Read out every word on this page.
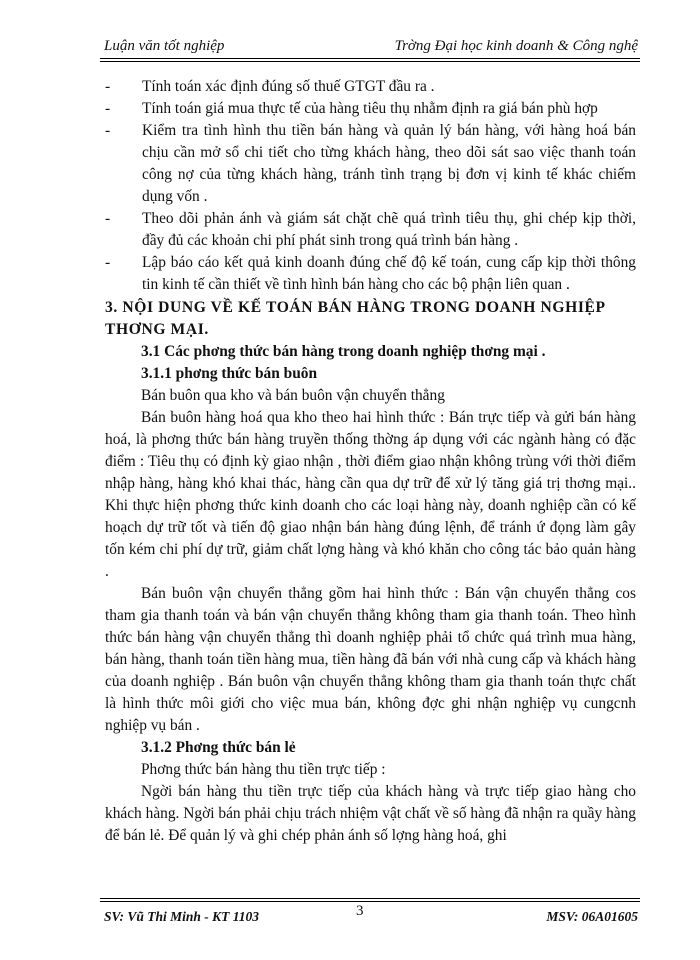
Luận văn tốt nghiệp	Trờng Đại học kinh doanh & Công nghệ
- Tính toán xác định đúng số thuế GTGT đầu ra .
- Tính toán giá mua thực tế của hàng tiêu thụ nhằm định ra giá bán phù hợp
- Kiểm tra tình hình thu tiền bán hàng và quản lý bán hàng, với hàng hoá bán chịu cần mở sổ chi tiết cho từng khách hàng, theo dõi sát sao việc thanh toán công nợ của từng khách hàng, tránh tình trạng bị đơn vị kinh tế khác chiếm dụng vốn .
- Theo dõi phản ánh và giám sát chặt chẽ quá trình tiêu thụ, ghi chép kịp thời, đầy đủ các khoản chi phí phát sinh trong quá trình bán hàng .
- Lập báo cáo kết quả kinh doanh đúng chế độ kế toán, cung cấp kịp thời thông tin kinh tế cần thiết về tình hình bán hàng cho các bộ phận liên quan .

3. NỘI DUNG VỀ KẾ TOÁN BÁN HÀNG TRONG DOANH NGHIỆP THƠNG MẠI.

3.1 Các phơng thức bán hàng trong doanh nghiệp thơng mại .

3.1.1 phơng thức bán buôn

Bán buôn qua kho và bán buôn vận chuyển thẳng

Bán buôn hàng hoá qua kho theo hai hình thức : Bán trực tiếp và gửi bán hàng hoá, là phơng thức bán hàng truyền thống thờng áp dụng với các ngành hàng có đặc điểm : Tiêu thụ có định kỳ giao nhận , thời điểm giao nhận không trùng với thời điểm nhập hàng, hàng khó khai thác, hàng cần qua dự trữ để xử lý tăng giá trị thơng mại.. Khi thực hiện phơng thức kinh doanh cho các loại hàng này, doanh nghiệp cần có kế hoạch dự trữ tốt và tiến độ giao nhận bán hàng đúng lệnh, để tránh ứ đọng làm gây tốn kém chi phí dự trữ, giảm chất lợng hàng và khó khăn cho công tác bảo quản hàng .

Bán buôn vận chuyển thẳng gồm hai hình thức : Bán vận chuyển thẳng cos tham gia thanh toán và bán vận chuyển thẳng không tham gia thanh toán. Theo hình thức bán hàng vận chuyển thẳng thì doanh nghiệp phải tổ chức quá trình mua hàng, bán hàng, thanh toán tiền hàng mua, tiền hàng đã bán với nhà cung cấp và khách hàng của doanh nghiệp . Bán buôn vận chuyển thẳng không tham gia thanh toán thực chất là hình thức môi giới cho việc mua bán, không đợc ghi nhận nghiệp vụ cungcnh nghiệp vụ bán .

3.1.2 Phơng thức bán lẻ

Phơng thức bán hàng thu tiền trực tiếp :

Ngời bán hàng thu tiền trực tiếp của khách hàng và trực tiếp giao hàng cho khách hàng. Ngời bán phải chịu trách nhiệm vật chất về số hàng đã nhận ra quầy hàng để bán lẻ. Để quản lý và ghi chép phản ánh số lợng hàng hoá, ghi

SV: Vũ Thi Minh - KT 1103	3	MSV: 06A01605
